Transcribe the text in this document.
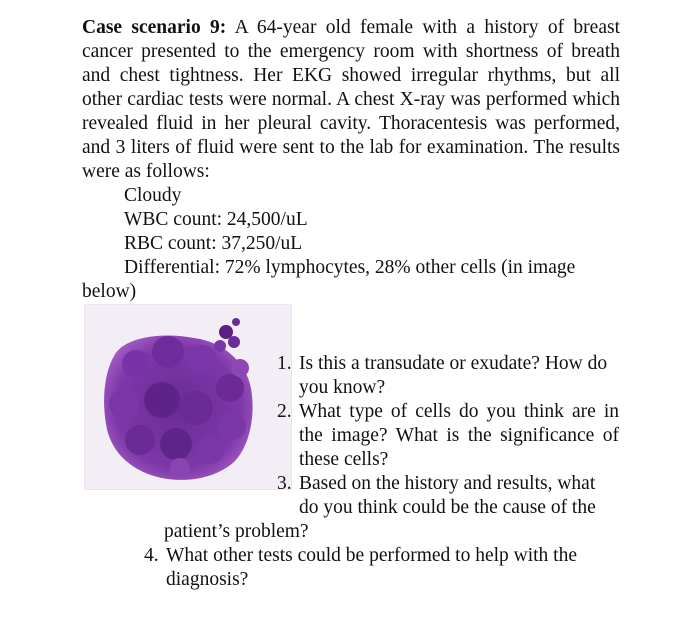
Case scenario 9: A 64-year old female with a history of breast cancer presented to the emergency room with shortness of breath and chest tightness. Her EKG showed irregular rhythms, but all other cardiac tests were normal. A chest X-ray was performed which revealed fluid in her pleural cavity. Thoracentesis was performed, and 3 liters of fluid were sent to the lab for examination. The results were as follows:

Cloudy
WBC count: 24,500/uL
RBC count: 37,250/uL
Differential: 72% lymphocytes, 28% other cells (in image
below)
1. Is this a transudate or exudate? How do you know?
2. What type of cells do you think are in the image? What is the significance of these cells?
3. Based on the history and results, what do you think could be the cause of the
patient’s problem?
4. What other tests could be performed to help with the diagnosis?
